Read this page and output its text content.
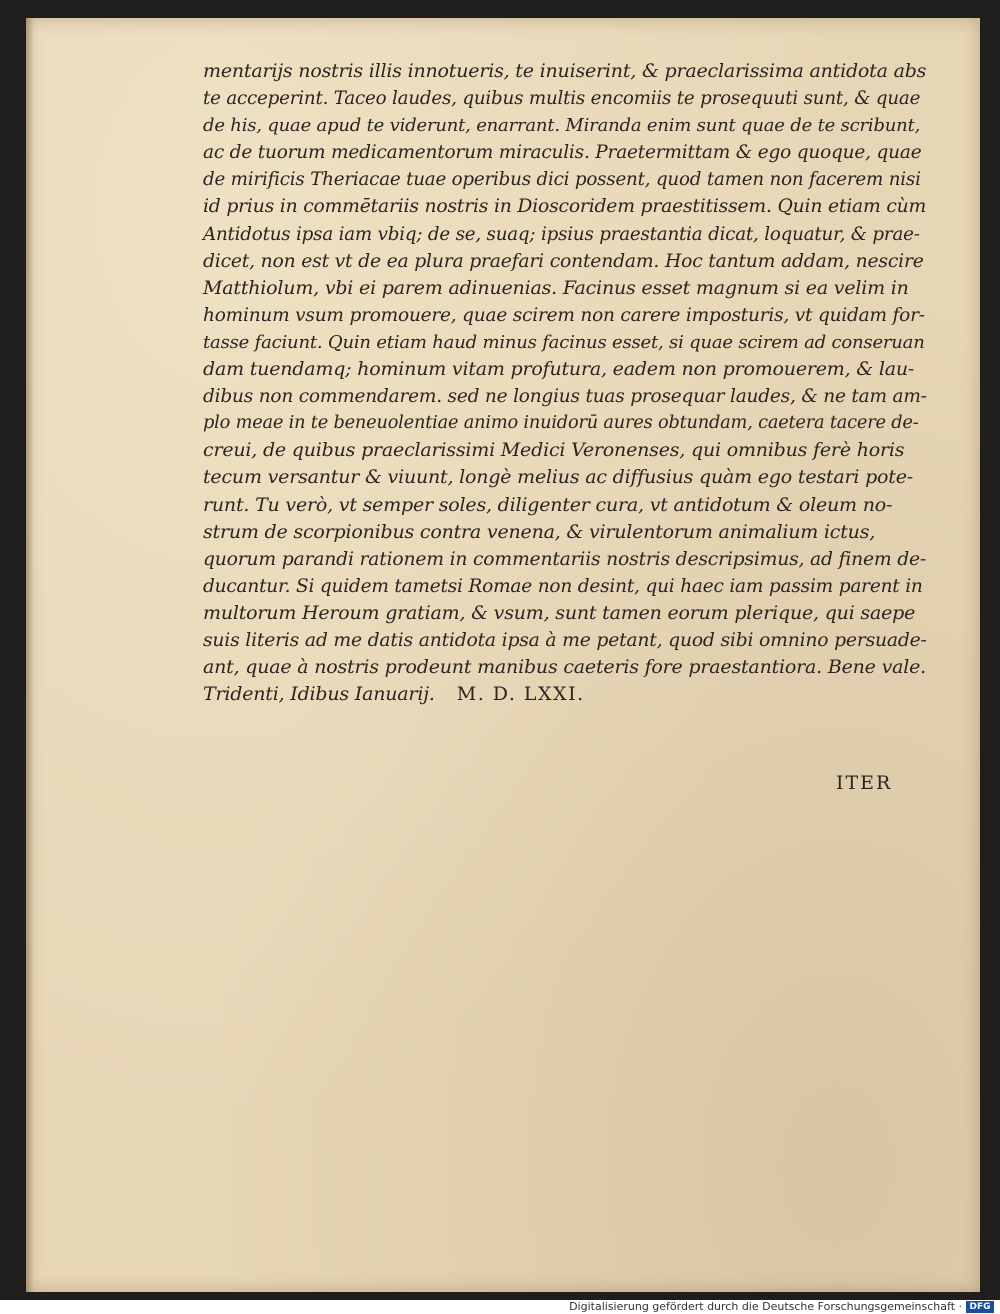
mentarijs nostris illis innotueris, te inuiserint, & praeclarissima antidota abs
te acceperint. Taceo laudes, quibus multis encomiis te prosequuti sunt, & quae
de his, quae apud te viderunt, enarrant. Miranda enim sunt quae de te scribunt,
ac de tuorum medicamentorum miraculis. Praetermittam & ego quoque, quae
de mirificis Theriacae tuae operibus dici possent, quod tamen non facerem nisi
id prius in commētariis nostris in Dioscoridem praestitissem. Quin etiam cùm
Antidotus ipsa iam vbiq; de se, suaq; ipsius praestantia dicat, loquatur, & prae-
dicet, non est vt de ea plura praefari contendam. Hoc tantum addam, nescire
Matthiolum, vbi ei parem adinuenias. Facinus esset magnum si ea velim in
hominum vsum promouere, quae scirem non carere imposturis, vt quidam for-
tasse faciunt. Quin etiam haud minus facinus esset, si quae scirem ad conseruan
dam tuendamq; hominum vitam profutura, eadem non promouerem, & lau-
dibus non commendarem. sed ne longius tuas prosequar laudes, & ne tam am-
plo meae in te beneuolentiae animo inuidorū aures obtundam, caetera tacere de-
creui, de quibus praeclarissimi Medici Veronenses, qui omnibus ferè horis
tecum versantur & viuunt, longè melius ac diffusius quàm ego testari pote-
runt. Tu verò, vt semper soles, diligenter cura, vt antidotum & oleum no-
strum de scorpionibus contra venena, & virulentorum animalium ictus,
quorum parandi rationem in commentariis nostris descripsimus, ad finem de-
ducantur. Si quidem tametsi Romae non desint, qui haec iam passim parent in
multorum Heroum gratiam, & vsum, sunt tamen eorum plerique, qui saepe
suis literis ad me datis antidota ipsa à me petant, quod sibi omnino persuade-
ant, quae à nostris prodeunt manibus caeteris fore praestantiora. Bene vale.
Tridenti, Idibus Ianuarij. M. D. LXXI.
ITER
Digitalisierung gefördert durch die Deutsche Forschungsgemeinschaft · DFG
